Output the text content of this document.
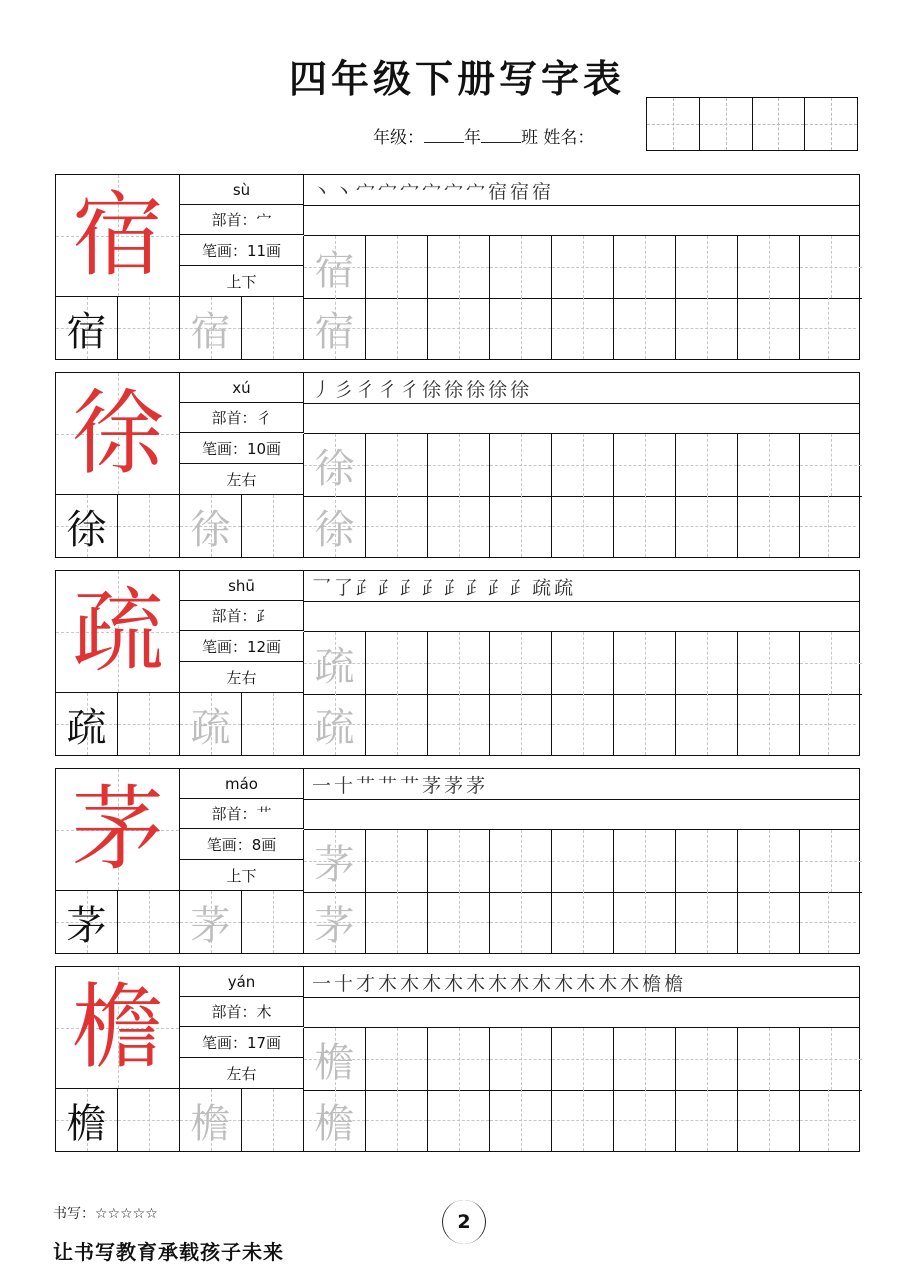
四年级下册写字表
年级： 年 班 姓名：
宿	sù
部首：宀
笔画：11画
上下
丶 丶 宀 宀 宀 宀 宀 宀 宿 宿 宿
宿
宿 宿 宿
徐	xú
部首：彳
笔画：10画
左右
丿 彡 彳 彳 彳 徐 徐 徐 徐 徐
徐
徐 徐 徐
疏	shū
部首：⺪
笔画：12画
左右
乛 了 ⺪ ⺪ ⺪ ⺪ ⺪ ⺪ ⺪ ⺪ 疏 疏
疏
疏 疏 疏
茅	máo
部首：艹
笔画：8画
上下
一 十 艹 艹 艹 茅 茅 茅
茅
茅 茅 茅
檐	yán
部首：木
笔画：17画
左右
一 十 才 木 木 木 木 木 木 木 木 木 木 木 木 檐 檐
檐
檐 檐 檐
书写：☆☆☆☆☆
让书写教育承载孩子未来
2
